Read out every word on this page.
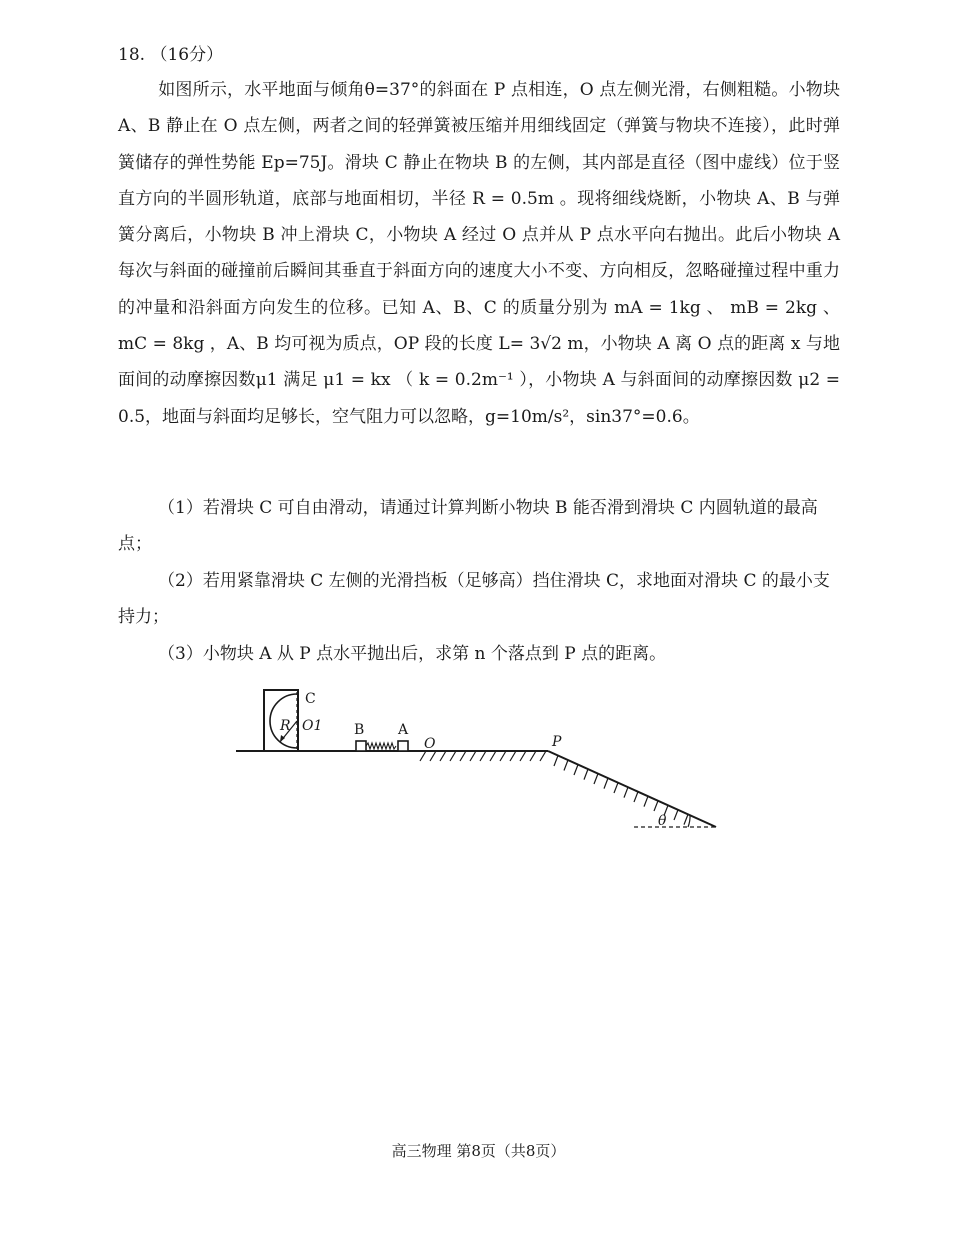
18. （16分）
如图所示，水平地面与倾角θ=37°的斜面在 P 点相连，O 点左侧光滑，右侧粗糙。小物块 A、B 静止在 O 点左侧，两者之间的轻弹簧被压缩并用细线固定（弹簧与物块不连接），此时弹簧储存的弹性势能 Ep=75J。滑块 C 静止在物块 B 的左侧，其内部是直径（图中虚线）位于竖直方向的半圆形轨道，底部与地面相切，半径 R = 0.5m 。现将细线烧断，小物块 A、B 与弹簧分离后，小物块 B 冲上滑块 C，小物块 A 经过 O 点并从 P 点水平向右抛出。此后小物块 A 每次与斜面的碰撞前后瞬间其垂直于斜面方向的速度大小不变、方向相反，忽略碰撞过程中重力的冲量和沿斜面方向发生的位移。已知 A、B、C 的质量分别为 mA = 1kg 、 mB = 2kg 、 mC = 8kg ，A、B 均可视为质点，OP 段的长度 L= 3√2 m，小物块 A 离 O 点的距离 x 与地面间的动摩擦因数μ1 满足 μ1 = kx （ k = 0.2m⁻¹ ），小物块 A 与斜面间的动摩擦因数 μ2 = 0.5，地面与斜面均足够长，空气阻力可以忽略，g=10m/s²，sin37°=0.6。
（1）若滑块 C 可自由滑动，请通过计算判断小物块 B 能否滑到滑块 C 内圆轨道的最高点；
（2）若用紧靠滑块 C 左侧的光滑挡板（足够高）挡住滑块 C，求地面对滑块 C 的最小支持力；
（3）小物块 A 从 P 点水平抛出后，求第 n 个落点到 P 点的距离。
C
R O1 B A
O	P
θ
高三物理 第8页（共8页）
